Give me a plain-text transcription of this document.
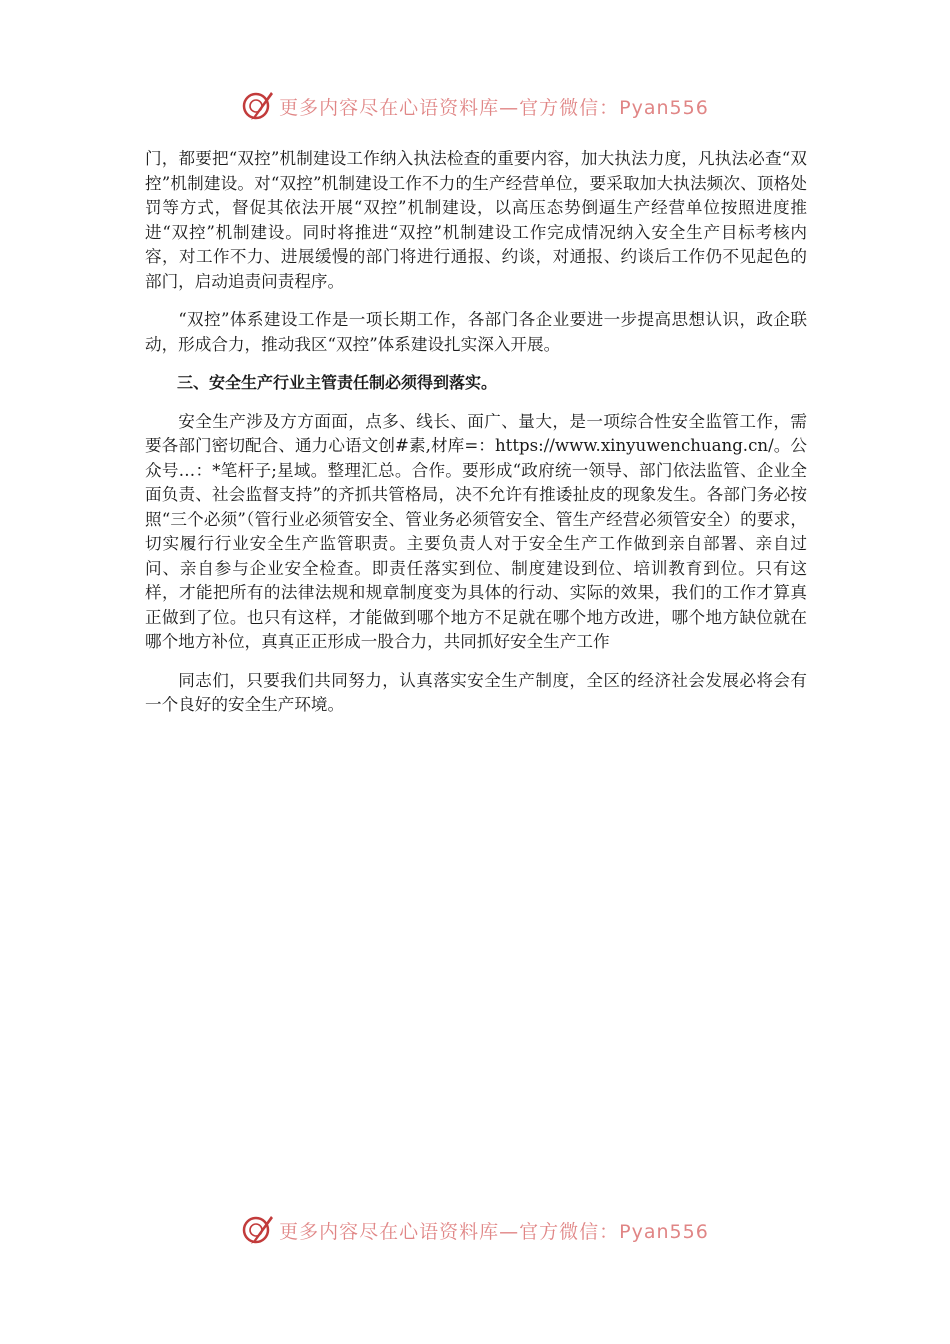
更多内容尽在心语资料库—官方微信：Pyan556

门，都要把“双控”机制建设工作纳入执法检查的重要内容，加大执法力度，凡执法必查“双控”机制建设。对“双控”机制建设工作不力的生产经营单位，要采取加大执法频次、顶格处罚等方式，督促其依法开展“双控”机制建设，以高压态势倒逼生产经营单位按照进度推进“双控”机制建设。同时将推进“双控”机制建设工作完成情况纳入安全生产目标考核内容，对工作不力、进展缓慢的部门将进行通报、约谈，对通报、约谈后工作仍不见起色的部门，启动追责问责程序。

“双控”体系建设工作是一项长期工作，各部门各企业要进一步提高思想认识，政企联动，形成合力，推动我区“双控”体系建设扎实深入开展。

三、安全生产行业主管责任制必须得到落实。

安全生产涉及方方面面，点多、线长、面广、量大，是一项综合性安全监管工作，需要各部门密切配合、通力心语文创#素,材库=：https://www.xinyuwenchuang.cn/。公众号…：*笔杆子;星域。整理汇总。合作。要形成“政府统一领导、部门依法监管、企业全面负责、社会监督支持”的齐抓共管格局，决不允许有推诿扯皮的现象发生。各部门务必按照“三个必须”（管行业必须管安全、管业务必须管安全、管生产经营必须管安全）的要求，切实履行行业安全生产监管职责。主要负责人对于安全生产工作做到亲自部署、亲自过问、亲自参与企业安全检查。即责任落实到位、制度建设到位、培训教育到位。只有这样，才能把所有的法律法规和规章制度变为具体的行动、实际的效果，我们的工作才算真正做到了位。也只有这样，才能做到哪个地方不足就在哪个地方改进，哪个地方缺位就在哪个地方补位，真真正正形成一股合力，共同抓好安全生产工作

同志们，只要我们共同努力，认真落实安全生产制度，全区的经济社会发展必将会有一个良好的安全生产环境。

更多内容尽在心语资料库—官方微信：Pyan556
